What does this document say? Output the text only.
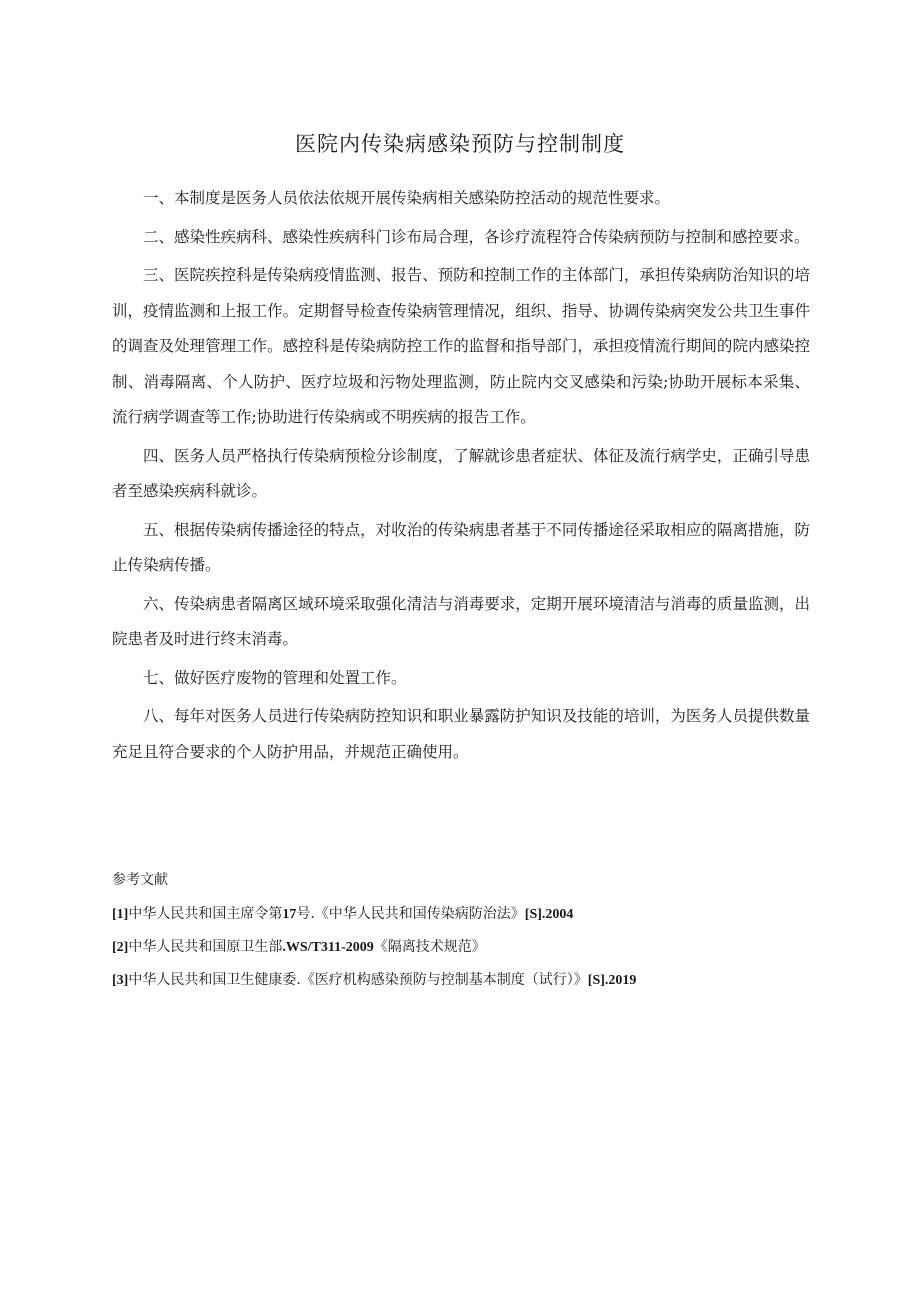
医院内传染病感染预防与控制制度

一、本制度是医务人员依法依规开展传染病相关感染防控活动的规范性要求。

二、感染性疾病科、感染性疾病科门诊布局合理，各诊疗流程符合传染病预防与控制和感控要求。

三、医院疾控科是传染病疫情监测、报告、预防和控制工作的主体部门，承担传染病防治知识的培训，疫情监测和上报工作。定期督导检查传染病管理情况，组织、指导、协调传染病突发公共卫生事件的调查及处理管理工作。感控科是传染病防控工作的监督和指导部门，承担疫情流行期间的院内感染控制、消毒隔离、个人防护、医疗垃圾和污物处理监测，防止院内交叉感染和污染;协助开展标本采集、流行病学调查等工作;协助进行传染病或不明疾病的报告工作。

四、医务人员严格执行传染病预检分诊制度，了解就诊患者症状、体征及流行病学史，正确引导患者至感染疾病科就诊。

五、根据传染病传播途径的特点，对收治的传染病患者基于不同传播途径采取相应的隔离措施，防止传染病传播。

六、传染病患者隔离区域环境采取强化清洁与消毒要求，定期开展环境清洁与消毒的质量监测，出院患者及时进行终末消毒。

七、做好医疗废物的管理和处置工作。

八、每年对医务人员进行传染病防控知识和职业暴露防护知识及技能的培训，为医务人员提供数量充足且符合要求的个人防护用品，并规范正确使用。

参考文献

[1]中华人民共和国主席令第17号.《中华人民共和国传染病防治法》[S].2004

[2]中华人民共和国原卫生部.WS/T311-2009《隔离技术规范》

[3]中华人民共和国卫生健康委.《医疗机构感染预防与控制基本制度（试行）》[S].2019
